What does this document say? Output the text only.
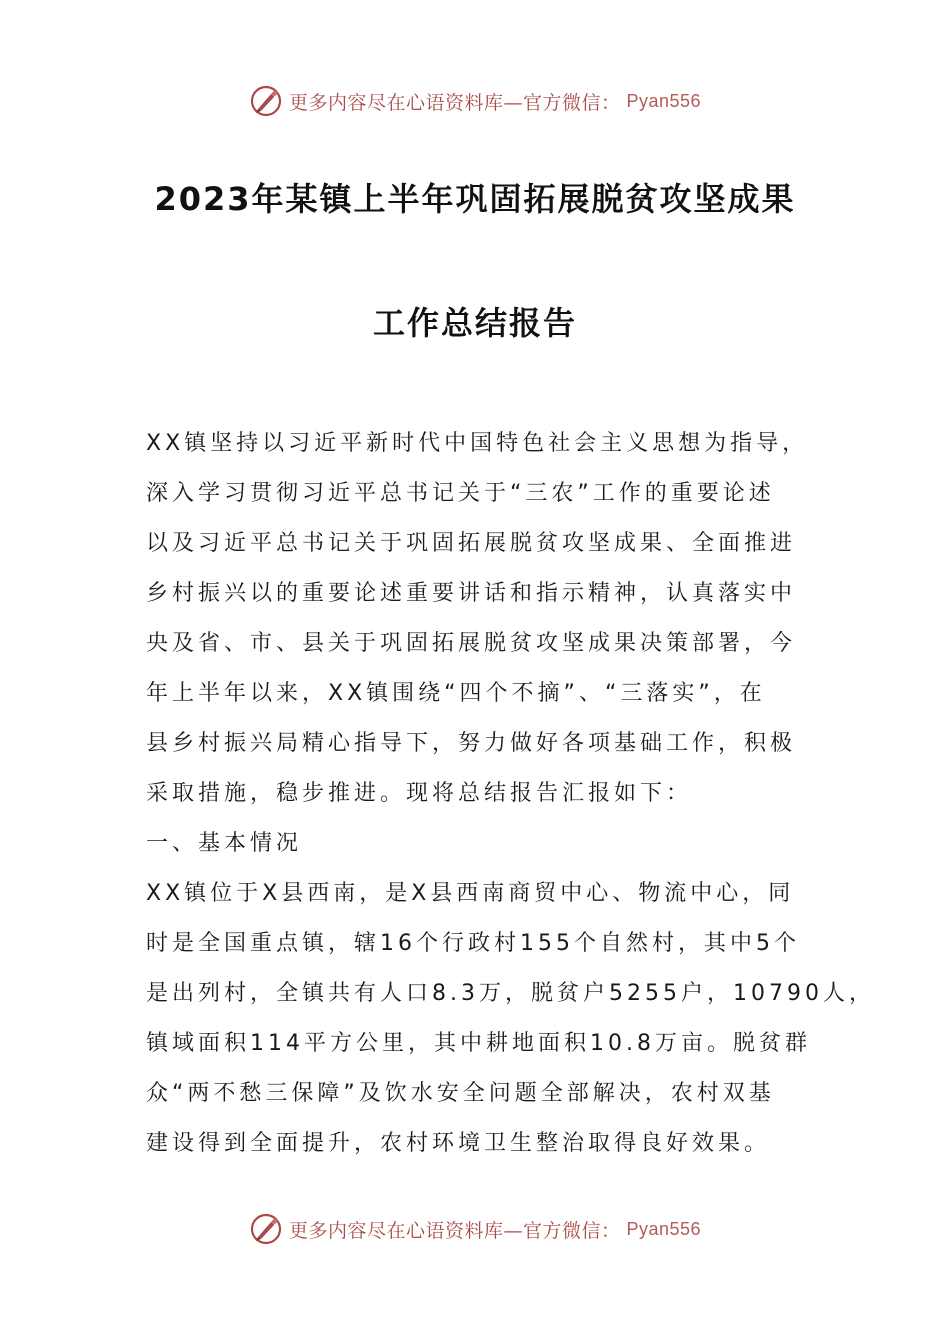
更多内容尽在心语资料库—官方微信： Pyan556
2023年某镇上半年巩固拓展脱贫攻坚成果
工作总结报告
XX镇坚持以习近平新时代中国特色社会主义思想为指导，
深入学习贯彻习近平总书记关于“三农”工作的重要论述
以及习近平总书记关于巩固拓展脱贫攻坚成果、全面推进
乡村振兴以的重要论述重要讲话和指示精神，认真落实中
央及省、市、县关于巩固拓展脱贫攻坚成果决策部署，今
年上半年以来，XX镇围绕“四个不摘”、“三落实”，在
县乡村振兴局精心指导下，努力做好各项基础工作，积极
采取措施，稳步推进。现将总结报告汇报如下：
一、基本情况
XX镇位于X县西南，是X县西南商贸中心、物流中心，同
时是全国重点镇，辖16个行政村155个自然村，其中5个
是出列村，全镇共有人口8.3万，脱贫户5255户，10790人，
镇域面积114平方公里，其中耕地面积10.8万亩。脱贫群
众“两不愁三保障”及饮水安全问题全部解决，农村双基
建设得到全面提升，农村环境卫生整治取得良好效果。
更多内容尽在心语资料库—官方微信： Pyan556
